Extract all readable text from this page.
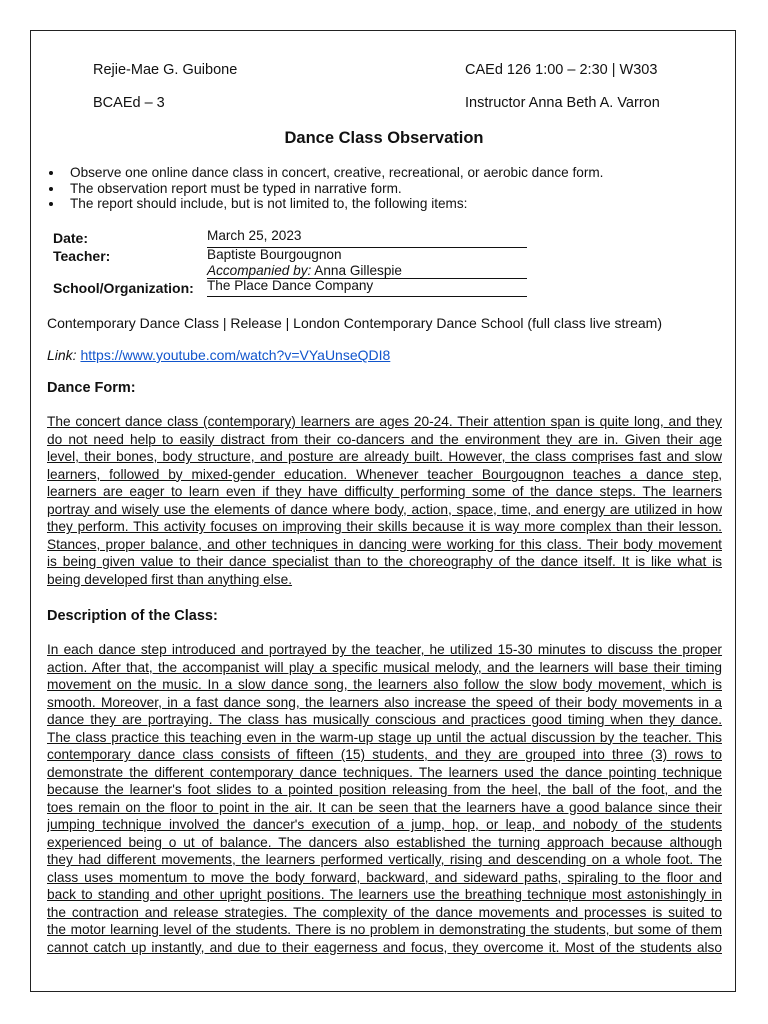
Rejie-Mae G. Guibone	CAEd 126 1:00 – 2:30 | W303
BCAEd – 3	Instructor Anna Beth A. Varron
Dance Class Observation
Observe one online dance class in concert, creative, recreational, or aerobic dance form.
The observation report must be typed in narrative form.
The report should include, but is not limited to, the following items:
Date:	March 25, 2023
Teacher:	Baptiste Bourgougnon
Accompanied by: Anna Gillespie
School/Organization: The Place Dance Company
Contemporary Dance Class | Release | London Contemporary Dance School (full class live stream)
Link: https://www.youtube.com/watch?v=VYaUnseQDI8
Dance Form:
The concert dance class (contemporary) learners are ages 20-24. Their attention span is quite long, and they
do not need help to easily distract from their co-dancers and the environment they are in. Given their age
level, their bones, body structure, and posture are already built. However, the class comprises fast and slow
learners, followed by mixed-gender education. Whenever teacher Bourgougnon teaches a dance step,
learners are eager to learn even if they have difficulty performing some of the dance steps. The learners
portray and wisely use the elements of dance where body, action, space, time, and energy are utilized in how
they perform. This activity focuses on improving their skills because it is way more complex than their lesson.
Stances, proper balance, and other techniques in dancing were working for this class. Their body movement
is being given value to their dance specialist than to the choreography of the dance itself. It is like what is
being developed first than anything else.
Description of the Class:
In each dance step introduced and portrayed by the teacher, he utilized 15-30 minutes to discuss the proper
action. After that, the accompanist will play a specific musical melody, and the learners will base their timing
movement on the music. In a slow dance song, the learners also follow the slow body movement, which is
smooth. Moreover, in a fast dance song, the learners also increase the speed of their body movements in a
dance they are portraying. The class has musically conscious and practices good timing when they dance.
The class practice this teaching even in the warm-up stage up until the actual discussion by the teacher. This
contemporary dance class consists of fifteen (15) students, and they are grouped into three (3) rows to
demonstrate the different contemporary dance techniques. The learners used the dance pointing technique
because the learner's foot slides to a pointed position releasing from the heel, the ball of the foot, and the
toes remain on the floor to point in the air. It can be seen that the learners have a good balance since their
jumping technique involved the dancer's execution of a jump, hop, or leap, and nobody of the students
experienced being o ut of balance. The dancers also established the turning approach because although
they had different movements, the learners performed vertically, rising and descending on a whole foot. The
class uses momentum to move the body forward, backward, and sideward paths, spiraling to the floor and
back to standing and other upright positions. The learners use the breathing technique most astonishingly in
the contraction and release strategies. The complexity of the dance movements and processes is suited to
the motor learning level of the students. There is no problem in demonstrating the students, but some of them
cannot catch up instantly, and due to their eagerness and focus, they overcome it. Most of the students also
